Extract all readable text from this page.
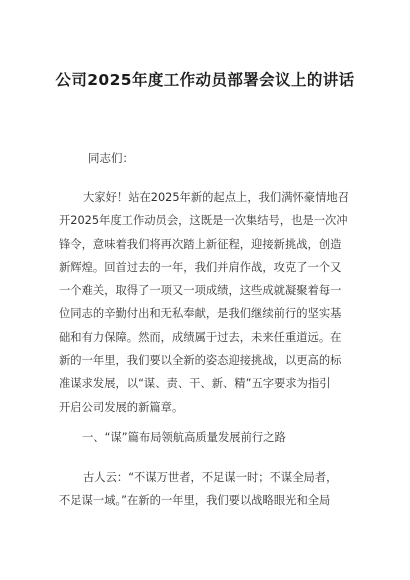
公司2025年度工作动员部署会议上的讲话

同志们：

大家好！站在2025年新的起点上，我们满怀豪情地召
开2025年度工作动员会，这既是一次集结号，也是一次冲
锋令，意味着我们将再次踏上新征程，迎接新挑战，创造
新辉煌。回首过去的一年，我们并肩作战，攻克了一个又
一个难关，取得了一项又一项成绩，这些成就凝聚着每一
位同志的辛勤付出和无私奉献，是我们继续前行的坚实基
础和有力保障。然而，成绩属于过去，未来任重道远。在
新的一年里，我们要以全新的姿态迎接挑战，以更高的标
准谋求发展，以“谋、责、干、新、精”五字要求为指引
开启公司发展的新篇章。

一、“谋”篇布局领航高质量发展前行之路

古人云：“不谋万世者，不足谋一时；不谋全局者，
不足谋一域。”在新的一年里，我们要以战略眼光和全局
